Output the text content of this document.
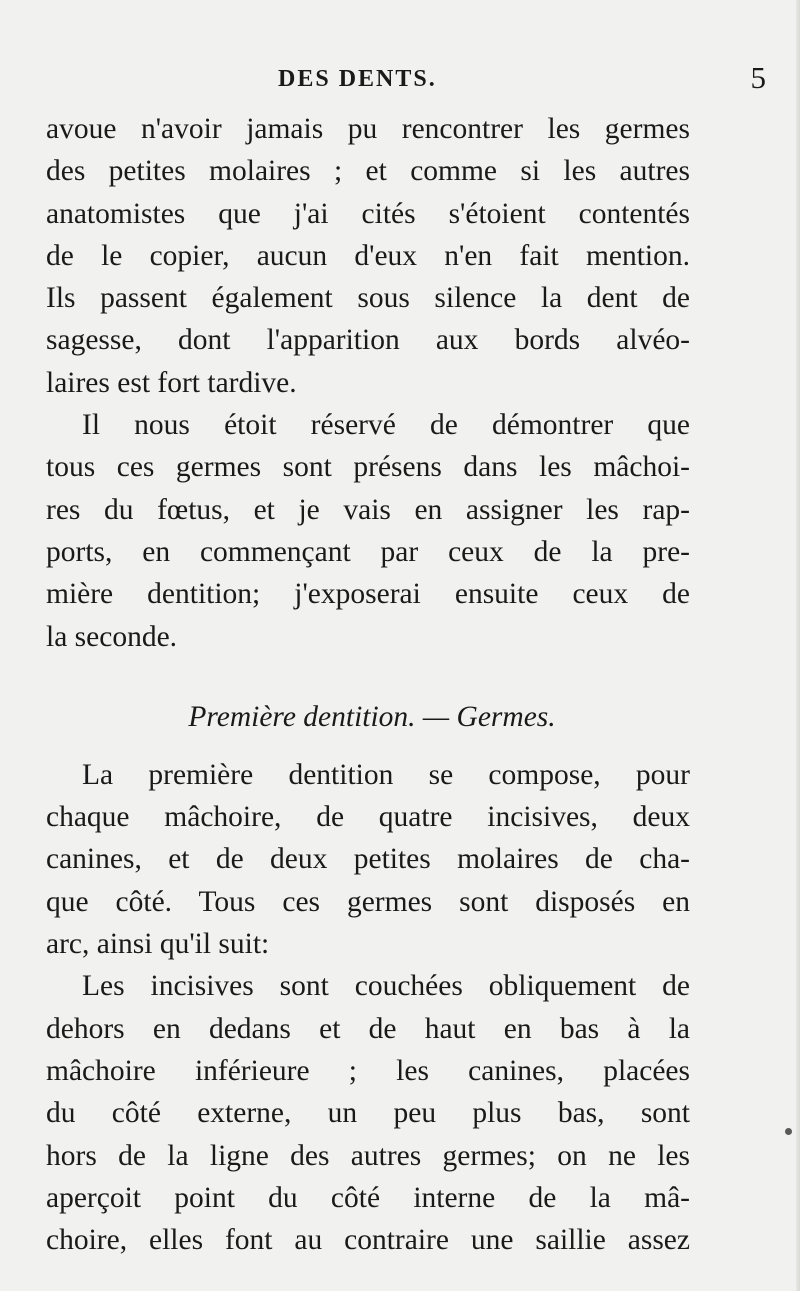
DES DENTS.	5

avoue n'avoir jamais pu rencontrer les germes
des petites molaires ; et comme si les autres
anatomistes que j'ai cités s'étoient contentés
de le copier, aucun d'eux n'en fait mention.
Ils passent également sous silence la dent de
sagesse, dont l'apparition aux bords alvéo-
laires est fort tardive.

Il nous étoit réservé de démontrer que
tous ces germes sont présens dans les mâchoi-
res du fœtus, et je vais en assigner les rap-
ports, en commençant par ceux de la pre-
mière dentition; j'exposerai ensuite ceux de
la seconde.

Première dentition. — Germes.

La première dentition se compose, pour
chaque mâchoire, de quatre incisives, deux
canines, et de deux petites molaires de cha-
que côté. Tous ces germes sont disposés en
arc, ainsi qu'il suit:

Les incisives sont couchées obliquement de
dehors en dedans et de haut en bas à la
mâchoire inférieure ; les canines, placées
du côté externe, un peu plus bas, sont
hors de la ligne des autres germes; on ne les
aperçoit point du côté interne de la mâ-
choire, elles font au contraire une saillie assez
